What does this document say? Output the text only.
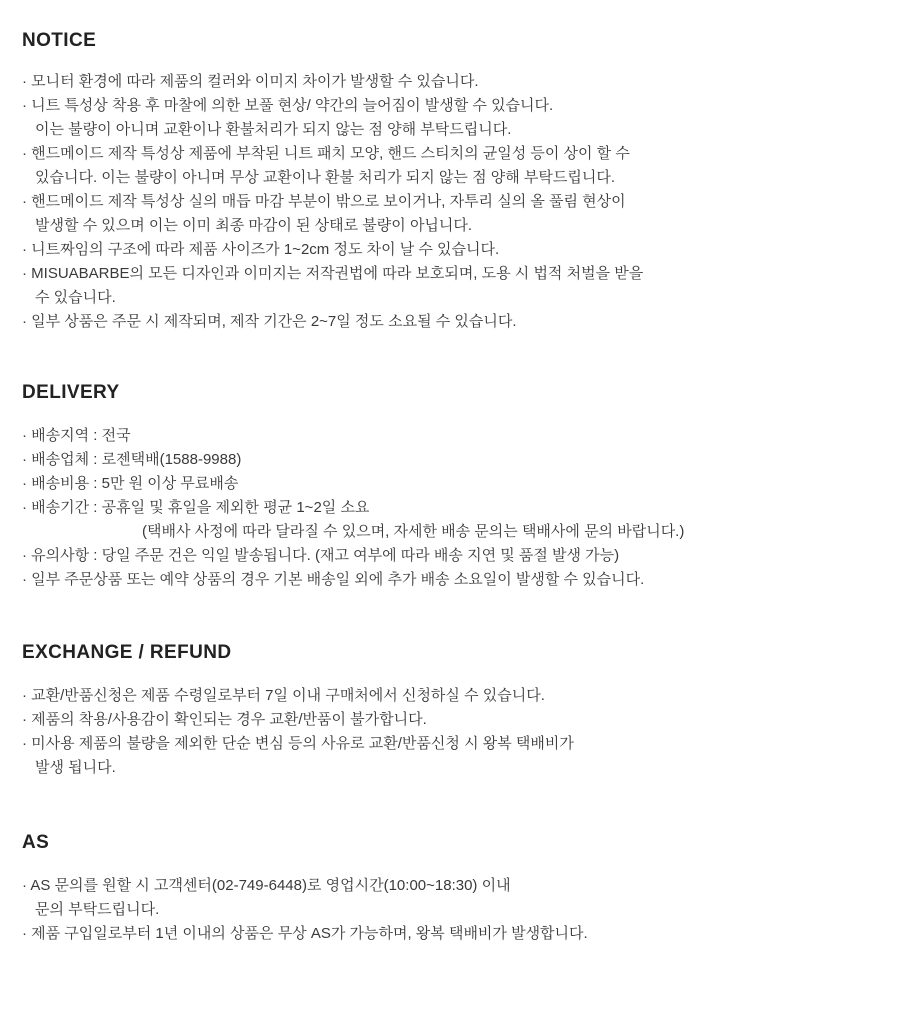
NOTICE
· 모니터 환경에 따라 제품의 컬러와 이미지 차이가 발생할 수 있습니다.
· 니트 특성상 착용 후 마찰에 의한 보풀 현상/ 약간의 늘어짐이 발생할 수 있습니다.
이는 불량이 아니며 교환이나 환불처리가 되지 않는 점 양해 부탁드립니다.
· 핸드메이드 제작 특성상 제품에 부착된 니트 패치 모양, 핸드 스티치의 균일성 등이 상이 할 수
있습니다. 이는 불량이 아니며 무상 교환이나 환불 처리가 되지 않는 점 양해 부탁드립니다.
· 핸드메이드 제작 특성상 실의 매듭 마감 부분이 밖으로 보이거나, 자투리 실의 올 풀림 현상이
발생할 수 있으며 이는 이미 최종 마감이 된 상태로 불량이 아닙니다.
· 니트짜임의 구조에 따라 제품 사이즈가 1~2cm 정도 차이 날 수 있습니다.
· MISUABARBE의 모든 디자인과 이미지는 저작권법에 따라 보호되며, 도용 시 법적 처벌을 받을
수 있습니다.
· 일부 상품은 주문 시 제작되며, 제작 기간은 2~7일 정도 소요될 수 있습니다.
DELIVERY
· 배송지역 : 전국
· 배송업체 : 로젠택배(1588-9988)
· 배송비용 : 5만 원 이상 무료배송
· 배송기간 : 공휴일 및 휴일을 제외한 평균 1~2일 소요
(택배사 사정에 따라 달라질 수 있으며, 자세한 배송 문의는 택배사에 문의 바랍니다.)
· 유의사항 : 당일 주문 건은 익일 발송됩니다. (재고 여부에 따라 배송 지연 및 품절 발생 가능)
· 일부 주문상품 또는 예약 상품의 경우 기본 배송일 외에 추가 배송 소요일이 발생할 수 있습니다.
EXCHANGE / REFUND
· 교환/반품신청은 제품 수령일로부터 7일 이내 구매처에서 신청하실 수 있습니다.
· 제품의 착용/사용감이 확인되는 경우 교환/반품이 불가합니다.
· 미사용 제품의 불량을 제외한 단순 변심 등의 사유로 교환/반품신청 시 왕복 택배비가
발생 됩니다.
AS
· AS 문의를 원할 시 고객센터(02-749-6448)로 영업시간(10:00~18:30) 이내
문의 부탁드립니다.
· 제품 구입일로부터 1년 이내의 상품은 무상 AS가 가능하며, 왕복 택배비가 발생합니다.
